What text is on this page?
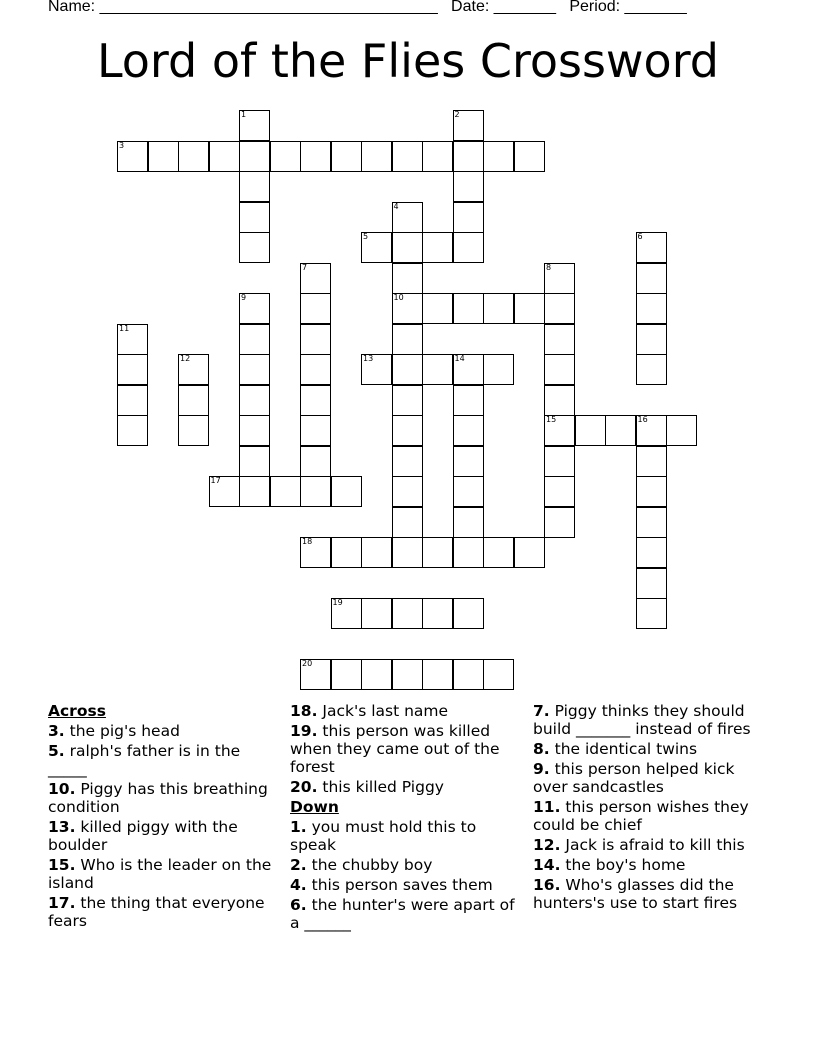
Name: ______________________________________   Date: _______   Period: _______
Lord of the Flies Crossword
3
5
10
13	14
15	16
17
18
19
20
1	2
4
6
7	8
9
11
12
Across
3. the pig's head
5. ralph's father is in the _____
10. Piggy has this breathing condition
13. killed piggy with the boulder
15. Who is the leader on the island
17. the thing that everyone fears
18. Jack's last name
19. this person was killed when they came out of the forest
20. this killed Piggy
Down
1. you must hold this to speak
2. the chubby boy
4. this person saves them
6. the hunter's were apart of a ______
7. Piggy thinks they should build _______ instead of fires
8. the identical twins
9. this person helped kick over sandcastles
11. this person wishes they could be chief
12. Jack is afraid to kill this
14. the boy's home
16. Who's glasses did the hunters's use to start fires
